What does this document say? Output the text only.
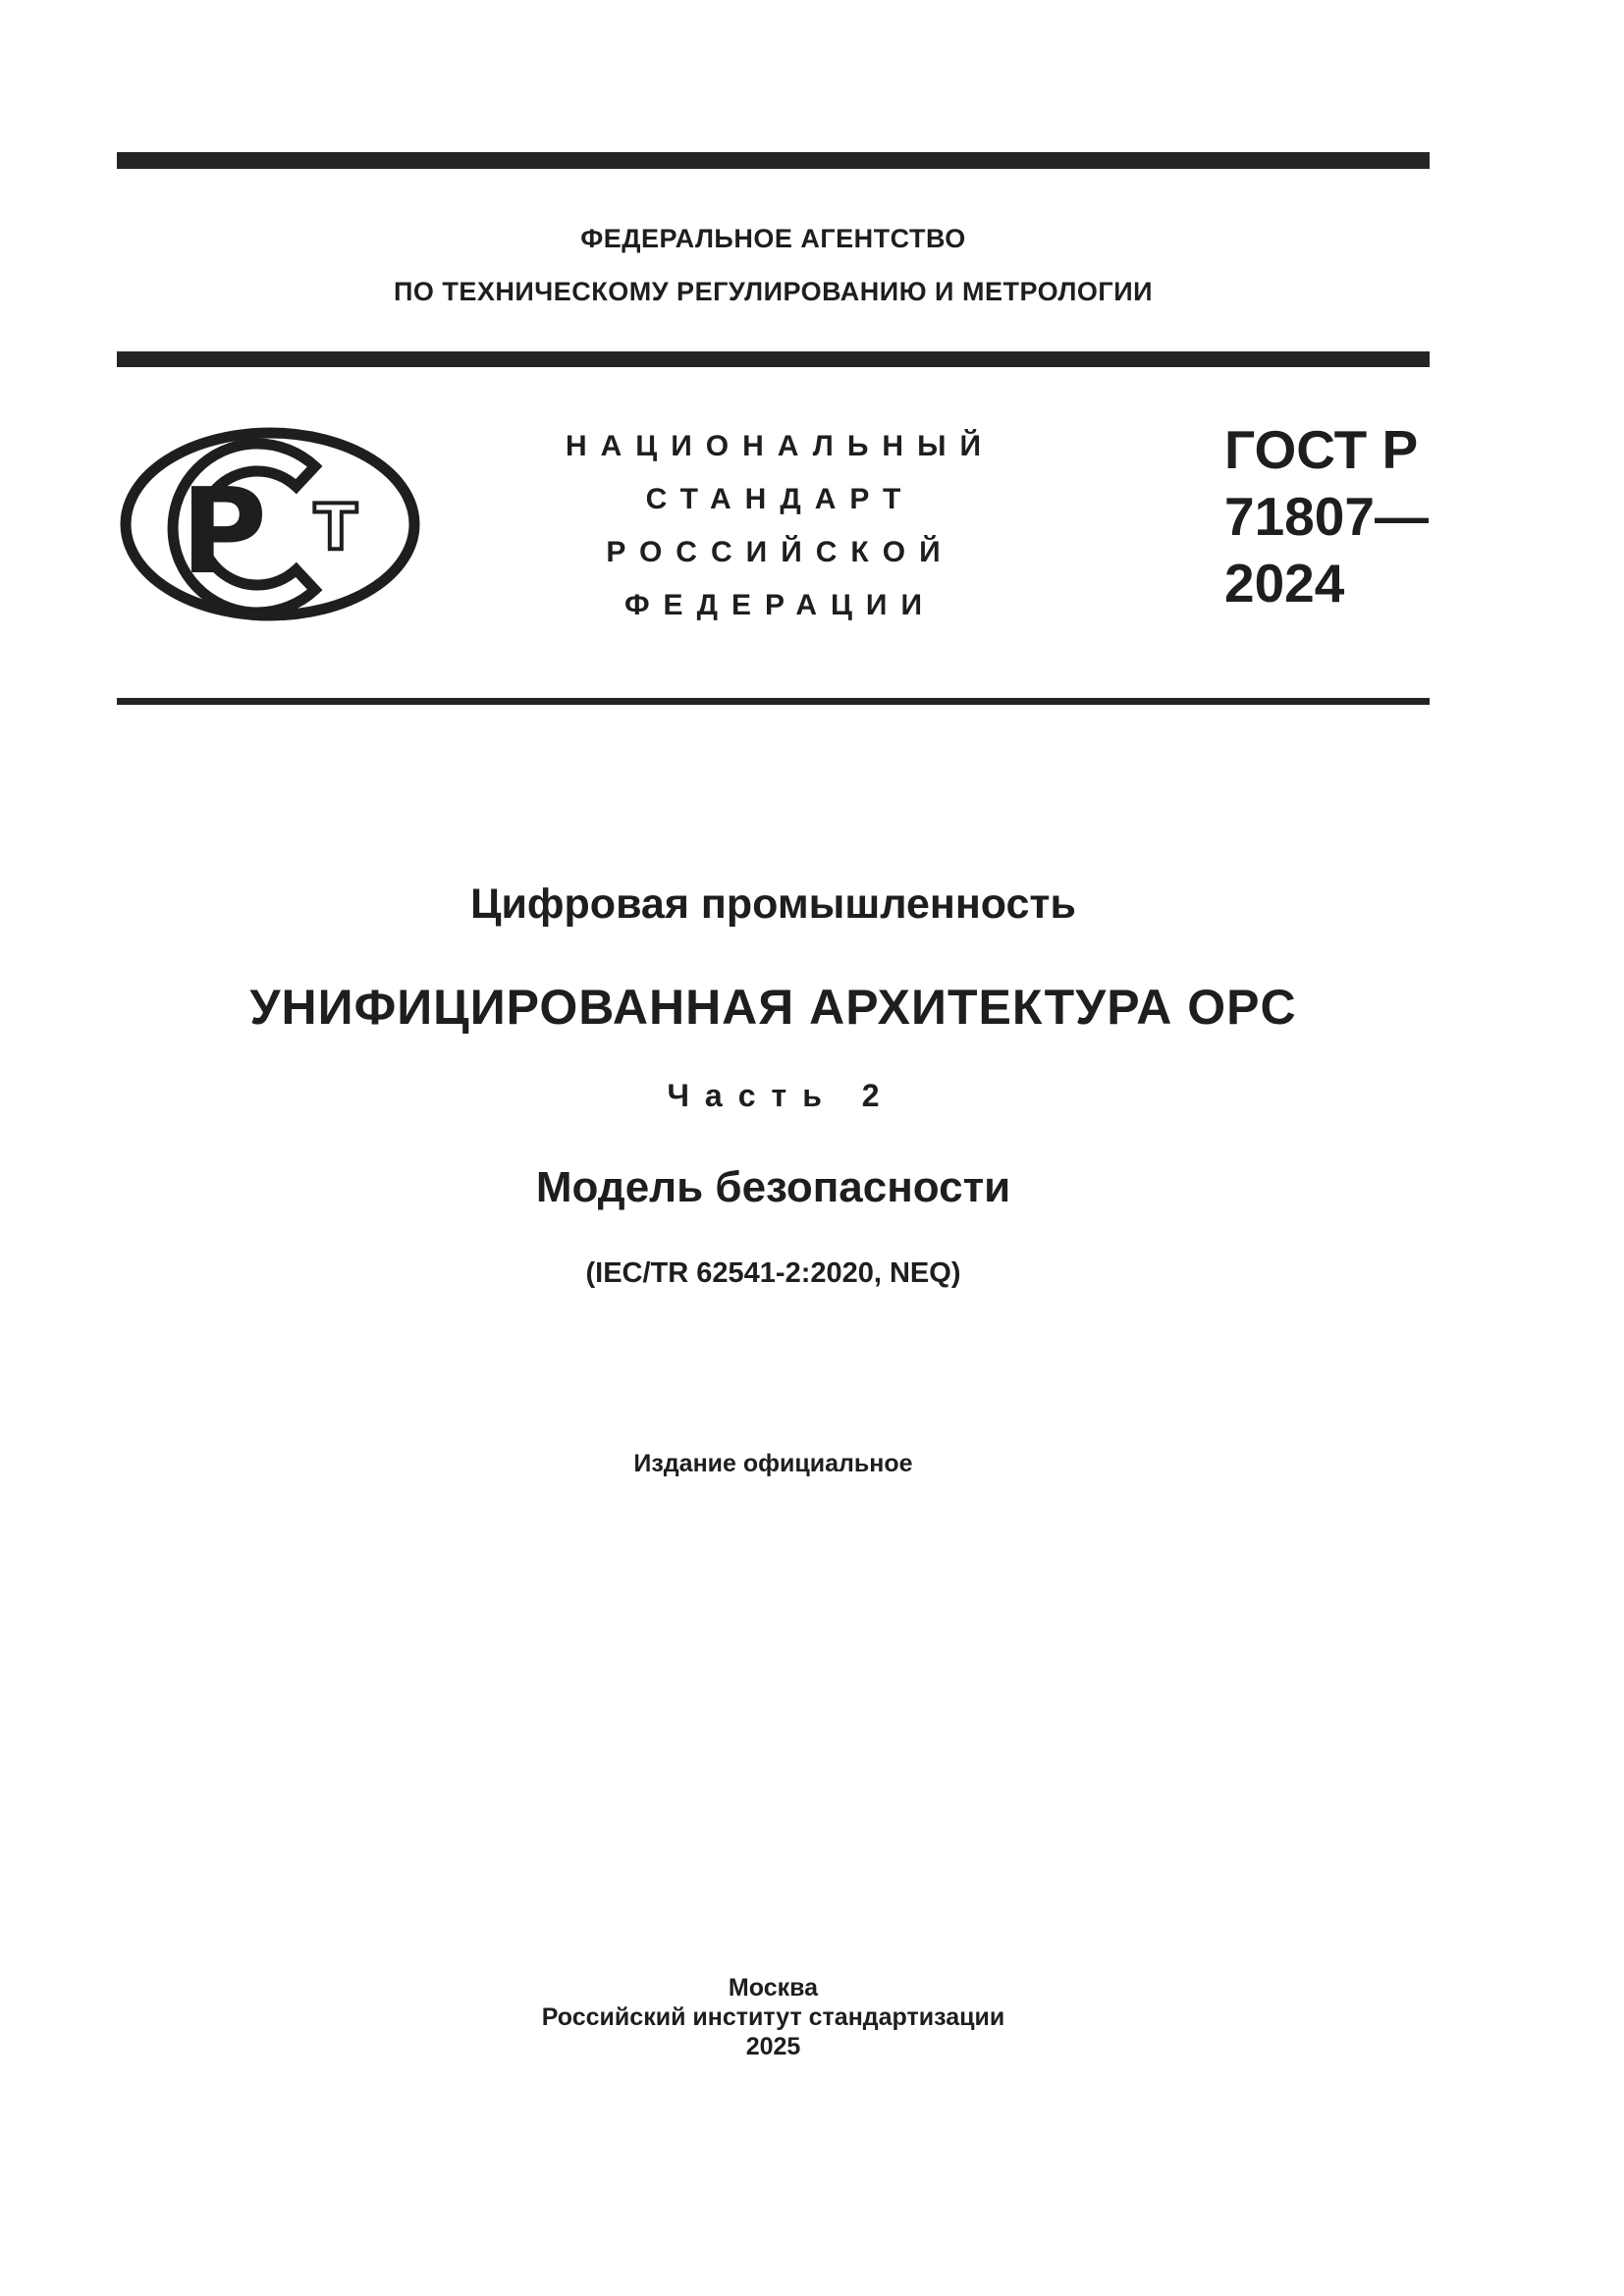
ФЕДЕРАЛЬНОЕ АГЕНТСТВО
ПО ТЕХНИЧЕСКОМУ РЕГУЛИРОВАНИЮ И МЕТРОЛОГИИ
Р Т
НАЦИОНАЛЬНЫЙ
СТАНДАРТ
РОССИЙСКОЙ
ФЕДЕРАЦИИ
ГОСТ Р
71807—
2024
Цифровая промышленность
УНИФИЦИРОВАННАЯ АРХИТЕКТУРА OPC
Часть 2
Модель безопасности
(IEC/TR 62541-2:2020, NEQ)
Издание официальное
Москва
Российский институт стандартизации
2025
